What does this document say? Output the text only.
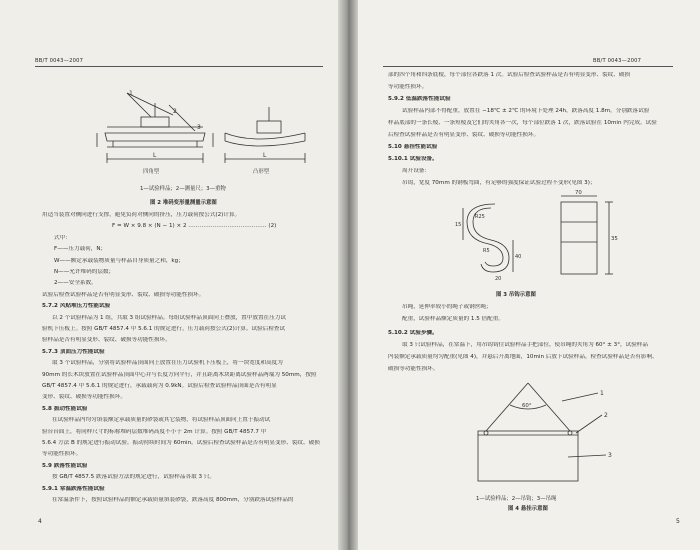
BB/T 0043—2007
1
2
3
L	L
四角型	凸形型
1—试验样品；2—测量尺；3—重物
图 2 堆码变形量测量示意图
用适当装置对侧向进行支撑，避免负荷对侧向的挤压，压力载荷按公式(2)计算。
F = W × 9.8 × (N − 1) × 2 …………………………………… (2)
式中：
F——压力载荷，N；
W——额定承载装物质量与样品自身质量之和，kg；
N——允许堆码的层数；
2——安全系数。
试验后检查试验样品是否有明显变形、裂纹、破损等功能性损坏。
5.7.2 风贴堆压力性能试验
以 2 个试验样品为 1 组，共取 3 组试验样品。每组试验样品顶面向上叠放，置中放置在压力试
验机下压板上。按照 GB/T 4857.4 中 5.6.1 的规定进行，压力载荷按公式(2)计算。试验后检查试
验样品是否有明显变形、裂纹、破损等功能性损坏。
5.7.3 顶面压力性能试验
取 3 个试验样品，分别将试验样品顶面向上放置在压力试验机下压板上，将一块宽度和高度为
90mm 的长木块放置在试验样品顶面中心并与长度方向平行，并且距离木块距离试验样品两端为 50mm，按照
GB/T 4857.4 中 5.6.1 的规定进行，承载载荷为 0.9kN。试验后检查试验样品顶面是否有明显
变形、裂纹、破损等功能性损坏。
5.8 振动性能试验
在试验样品内均匀填装额定承载质量的砂袋或其它装物，将试验样品顶面向上置于振动试
验台台面上，将同样尺寸的标称堆码层数堆码高度不小于 2m 计算。按照 GB/T 4857.7 中
5.6.4 方法 B 的规定进行振动试验。振动持续时间为 60min。试验后检查试验样品是否有明显变形、裂纹、破损
等功能性损坏。
5.9 跌落性能试验
按 GB/T 4857.5 跌落试验方法的规定进行，试验样品各取 3 只。
5.9.1 常温跌落性能试验
在常温条件下，按照试验样品的额定承载质量填装砂袋，跌落高度 800mm，分别跌落试验样品的
4
BB/T 0043—2007
部的四个角和四条底棱，每个部位各跌落 1 次。试验后检查试验样品是否有明显变形、裂纹、破损
等功能性损坏。
5.9.2 低温跌落性能试验
试验样品内部不得配重，放置在 −18℃ ± 2℃ 的环境下处理 24h，跌落高度 1.8m，分别跌落试验
样品底部的一条长棱、一条短棱及它们的夹角各一次，每个部位跌落 1 次，跌落试验在 10min 内完成。试验
后检查试验样品是否有明显变形、裂纹、破损等功能性损坏。
5.10 悬挂性能试验
5.10.1 试验设备。
周开设备：
吊钩，宽度 70mm 的钢板弯曲，有足够的强度保证试验过程不变形(见图 3)；
吊绳，延伸率较小的绳子或钢丝绳；
配重，试验样品额定质量的 1.5 倍配重。
5.10.2 试验步骤。
取 3 只试验样品，在常温下，用吊钩钩住试验样品手把部位，使吊绳的夹角为 60° ± 3°，试验样品
内装额定承载质量均匀配重(见图 4)，并悬后升离地面，10min 后放下试验样品，检查试验样品是否有影响、
破损等功能性损坏。
70
35
R25
15
40
20
R5
图 3 吊钩示意图
60°
1
2
3
1—试验样品；2—吊钩；3—吊绳
图 4 悬挂示意图
5
